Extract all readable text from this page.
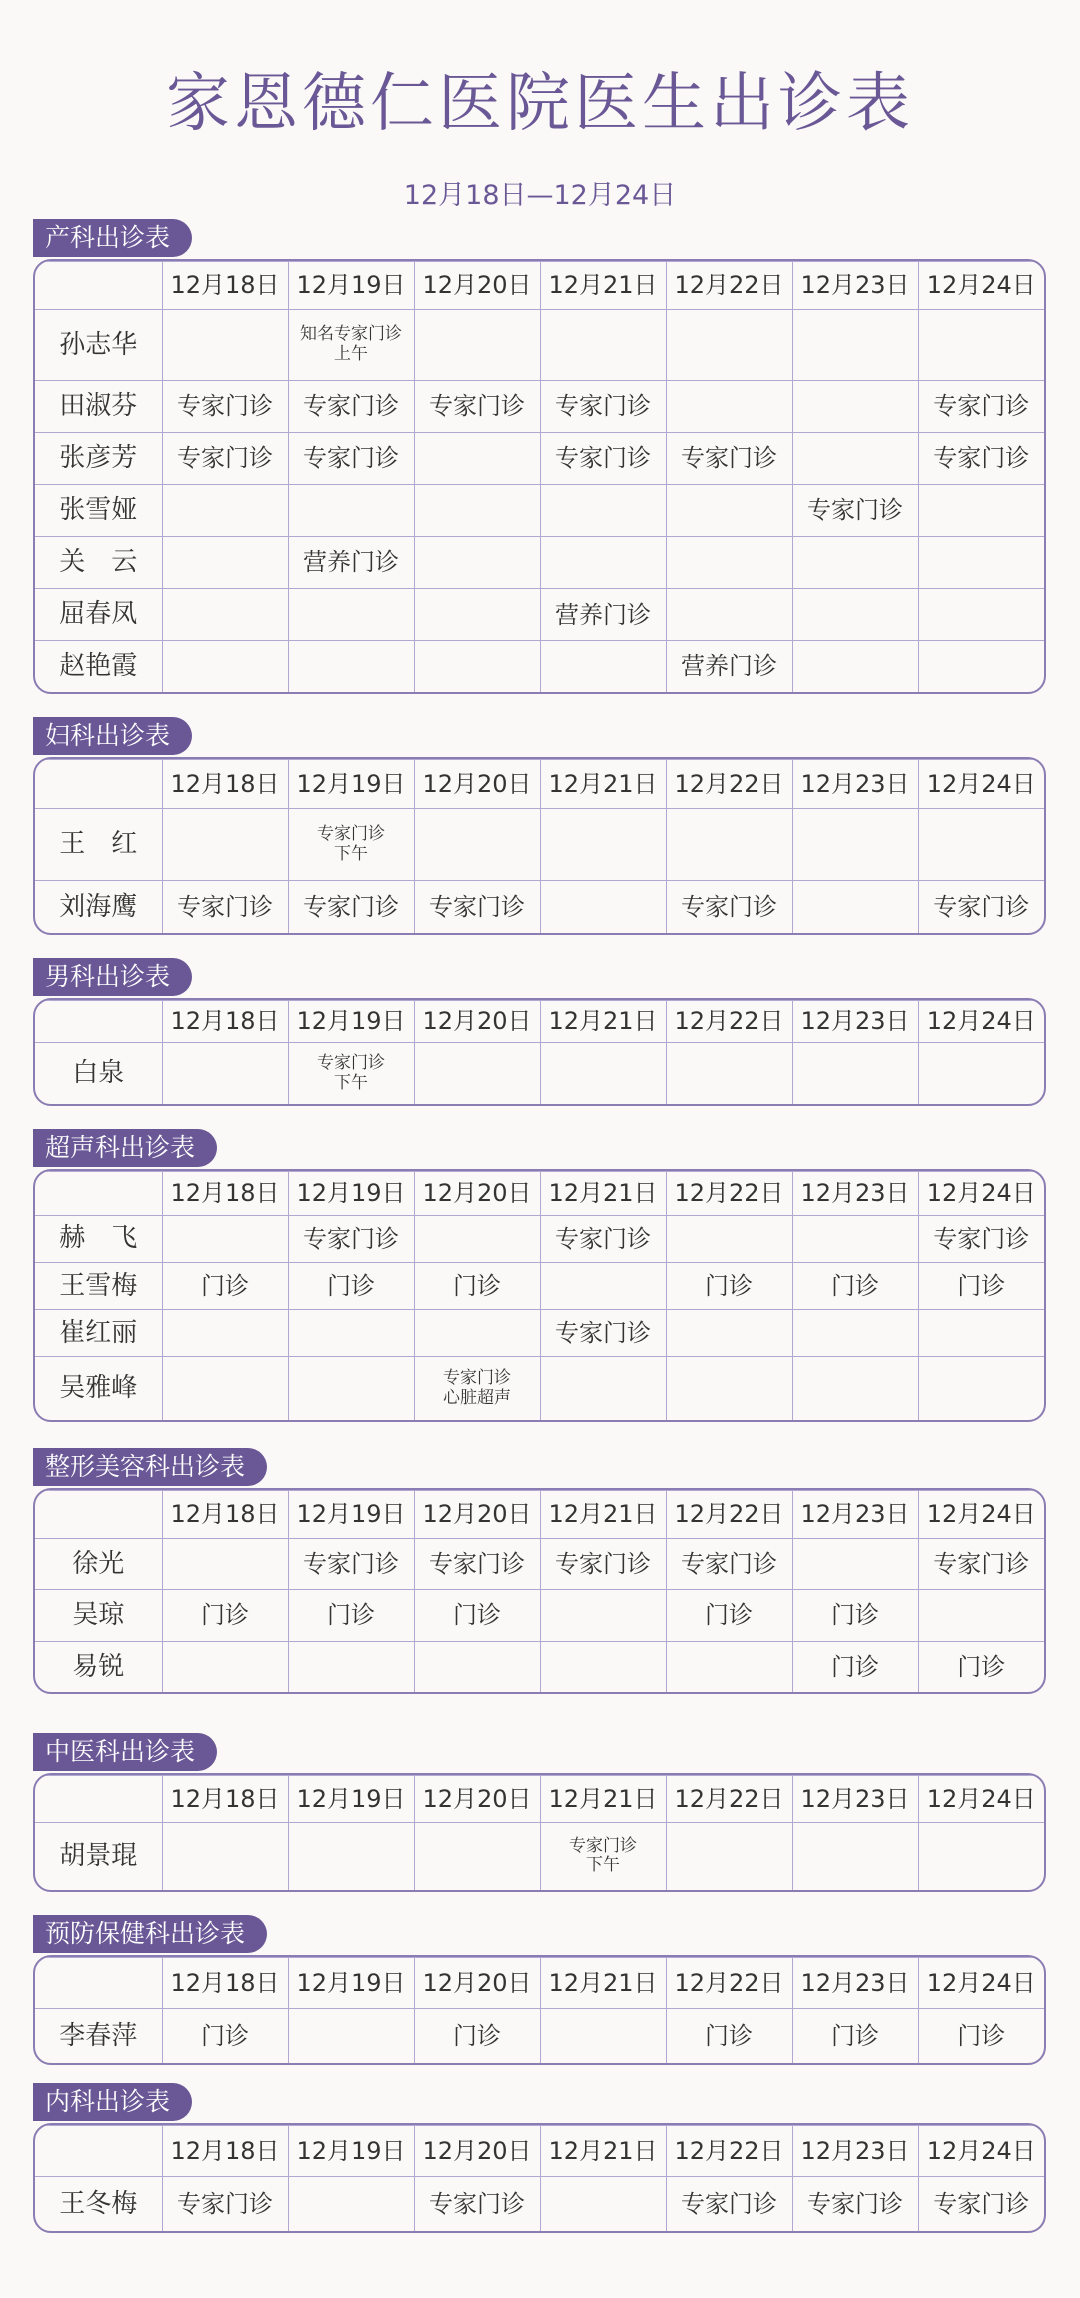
家恩德仁医院医生出诊表
12月18日—12月24日
	12月18日	12月19日	12月20日	12月21日	12月22日	12月23日	12月24日
孙志华		知名专家门诊
上午					

田淑芬	专家门诊	专家门诊	专家门诊	专家门诊			专家门诊

张彦芳	专家门诊	专家门诊		专家门诊	专家门诊		专家门诊

张雪娅						专家门诊	

关　云		营养门诊					

屈春凤				营养门诊			

赵艳霞					营养门诊		

产科出诊表
	12月18日	12月19日	12月20日	12月21日	12月22日	12月23日	12月24日
王　红		专家门诊
下午					

刘海鹰	专家门诊	专家门诊	专家门诊		专家门诊		专家门诊
妇科出诊表
	12月18日	12月19日	12月20日	12月21日	12月22日	12月23日	12月24日
白泉		专家门诊
下午					

男科出诊表
	12月18日	12月19日	12月20日	12月21日	12月22日	12月23日	12月24日
赫　飞		专家门诊		专家门诊			专家门诊

王雪梅	门诊	门诊	门诊		门诊	门诊	门诊

崔红丽				专家门诊			

吴雅峰			专家门诊
心脏超声				

超声科出诊表
	12月18日	12月19日	12月20日	12月21日	12月22日	12月23日	12月24日
徐光		专家门诊	专家门诊	专家门诊	专家门诊		专家门诊

吴琼	门诊	门诊	门诊		门诊	门诊	

易锐						门诊	门诊
整形美容科出诊表
	12月18日	12月19日	12月20日	12月21日	12月22日	12月23日	12月24日
胡景琨				专家门诊
下午			

中医科出诊表
	12月18日	12月19日	12月20日	12月21日	12月22日	12月23日	12月24日
李春萍	门诊		门诊		门诊	门诊	门诊
预防保健科出诊表
	12月18日	12月19日	12月20日	12月21日	12月22日	12月23日	12月24日
王冬梅	专家门诊		专家门诊		专家门诊	专家门诊	专家门诊
内科出诊表
